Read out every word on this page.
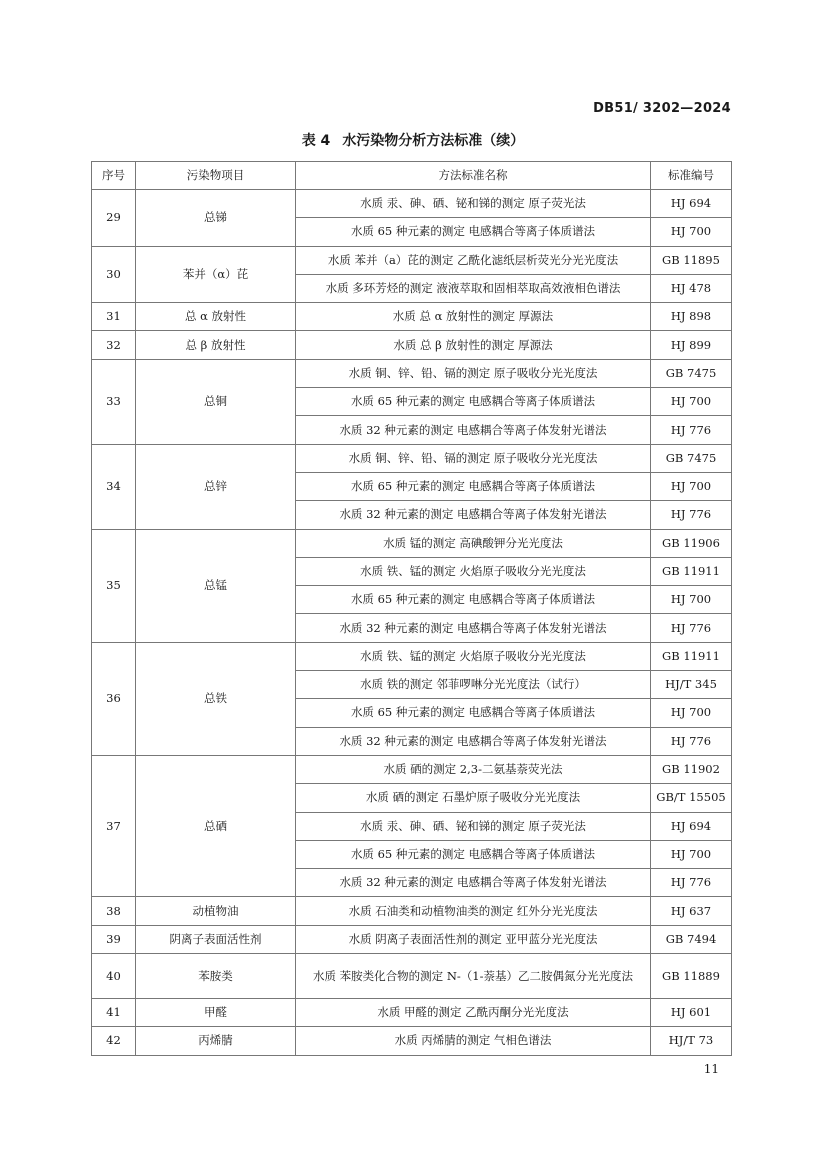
DB51/ 3202—2024
表 4 水污染物分析方法标准（续）
序号	污染物项目	方法标准名称	标准编号
29	总锑	水质 汞、砷、硒、铋和锑的测定 原子荧光法	HJ 694
		水质 65 种元素的测定 电感耦合等离子体质谱法	HJ 700
30	苯并（α）芘	水质 苯并（a）芘的测定 乙酰化滤纸层析荧光分光光度法	GB 11895
		水质 多环芳烃的测定 液液萃取和固相萃取高效液相色谱法	HJ 478
31	总 α 放射性	水质 总 α 放射性的测定 厚源法	HJ 898
32	总 β 放射性	水质 总 β 放射性的测定 厚源法	HJ 899
33	总铜	水质 铜、锌、铅、镉的测定 原子吸收分光光度法	GB 7475
		水质 65 种元素的测定 电感耦合等离子体质谱法	HJ 700
		水质 32 种元素的测定 电感耦合等离子体发射光谱法	HJ 776
34	总锌	水质 铜、锌、铅、镉的测定 原子吸收分光光度法	GB 7475
		水质 65 种元素的测定 电感耦合等离子体质谱法	HJ 700
		水质 32 种元素的测定 电感耦合等离子体发射光谱法	HJ 776
35	总锰	水质 锰的测定 高碘酸钾分光光度法	GB 11906
		水质 铁、锰的测定 火焰原子吸收分光光度法	GB 11911
		水质 65 种元素的测定 电感耦合等离子体质谱法	HJ 700
		水质 32 种元素的测定 电感耦合等离子体发射光谱法	HJ 776
36	总铁	水质 铁、锰的测定 火焰原子吸收分光光度法	GB 11911
		水质 铁的测定 邻菲啰啉分光光度法（试行）	HJ/T 345
		水质 65 种元素的测定 电感耦合等离子体质谱法	HJ 700
		水质 32 种元素的测定 电感耦合等离子体发射光谱法	HJ 776
37	总硒	水质 硒的测定 2,3-二氨基萘荧光法	GB 11902
		水质 硒的测定 石墨炉原子吸收分光光度法	GB/T 15505
		水质 汞、砷、硒、铋和锑的测定 原子荧光法	HJ 694
		水质 65 种元素的测定 电感耦合等离子体质谱法	HJ 700
		水质 32 种元素的测定 电感耦合等离子体发射光谱法	HJ 776
38	动植物油	水质 石油类和动植物油类的测定 红外分光光度法	HJ 637
39	阴离子表面活性剂	水质 阴离子表面活性剂的测定 亚甲蓝分光光度法	GB 7494
40	苯胺类	水质 苯胺类化合物的测定 N-（1-萘基）乙二胺偶氮分光光度法	GB 11889
41	甲醛	水质 甲醛的测定 乙酰丙酮分光光度法	HJ 601
42	丙烯腈	水质 丙烯腈的测定 气相色谱法	HJ/T 73
11
